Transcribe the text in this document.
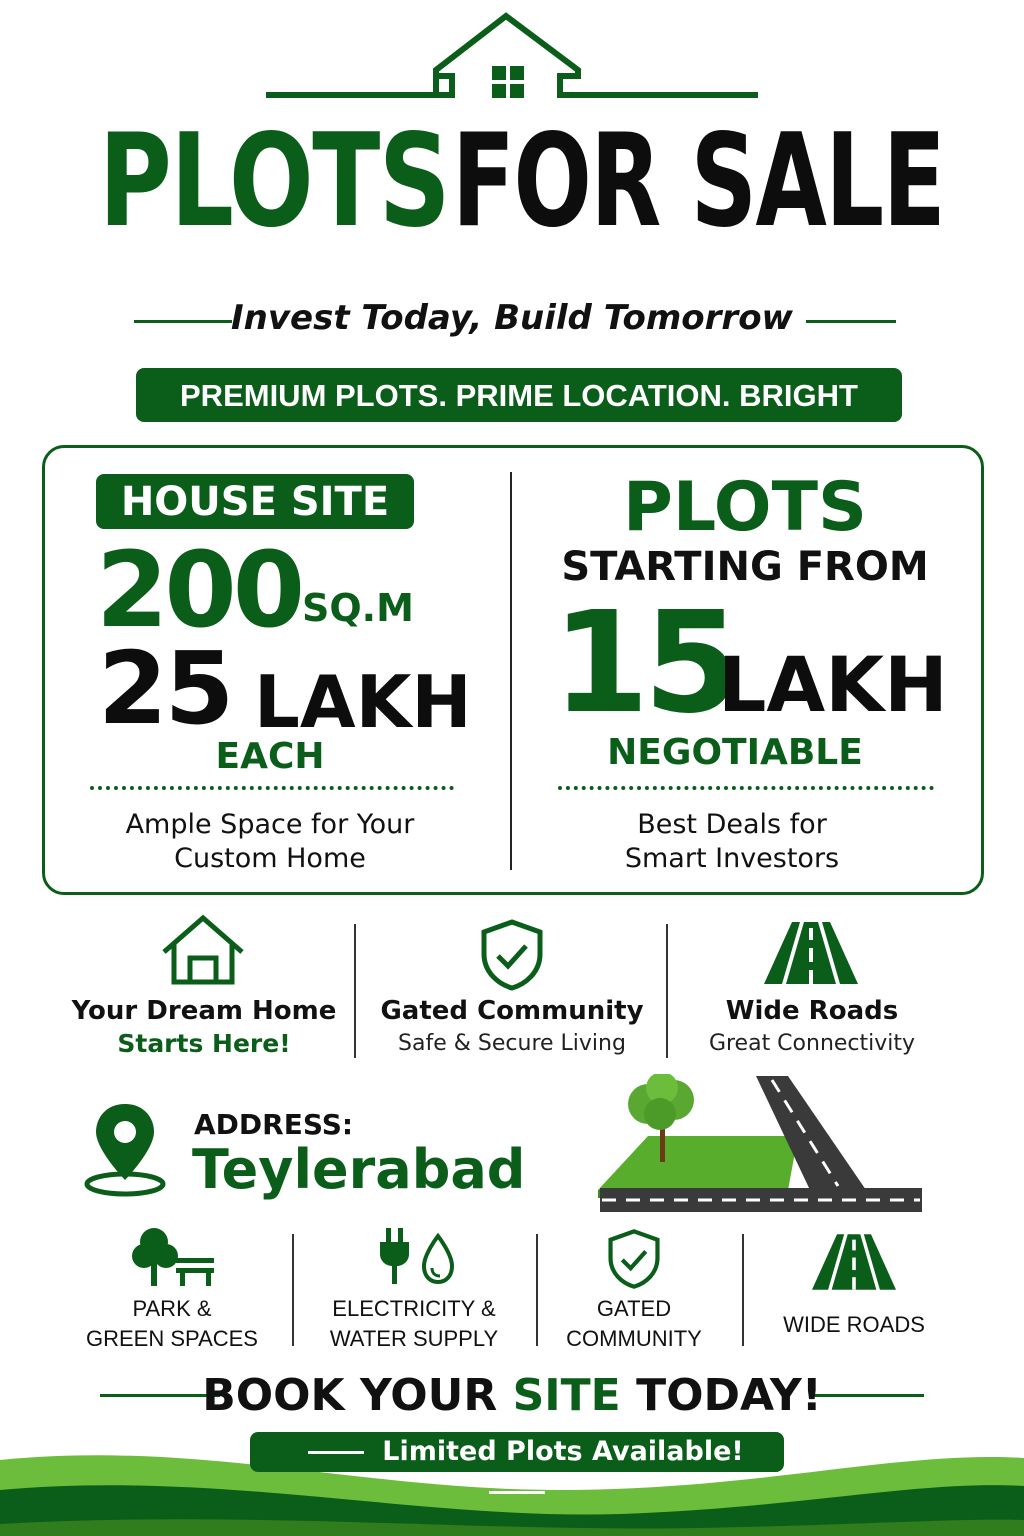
PLOTS FOR SALE
Invest Today, Build Tomorrow
PREMIUM PLOTS. PRIME LOCATION. BRIGHT FUTURE.
HOUSE SITE
200 SQ.M
25 LAKH
EACH
Ample Space for Your
Custom Home
PLOTS
STARTING FROM
15
LAKH
NEGOTIABLE
Best Deals for
Smart Investors
Your Dream Home
Starts Here!
Gated Community
Safe & Secure Living
Wide Roads
Great Connectivity
ADDRESS:
Teylerabad
PARK &
GREEN SPACES
ELECTRICITY &
WATER SUPPLY
GATED
COMMUNITY
WIDE ROADS
BOOK YOUR SITE TODAY!
Limited Plots Available!
